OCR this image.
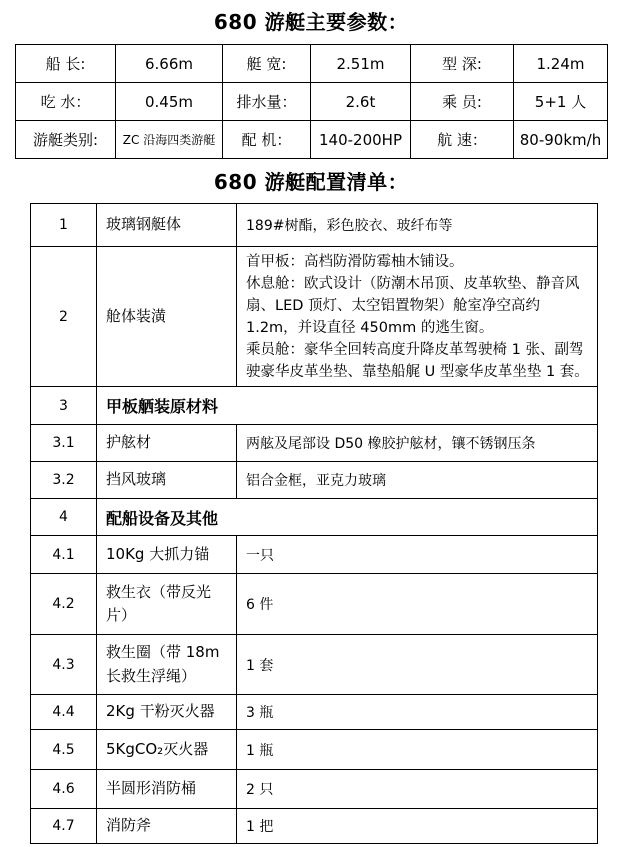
680 游艇主要参数：
船 长:	6.66m	艇 宽:	2.51m	型 深:	1.24m
吃 水：	0.45m	排水量：	2.6t	乘 员:	5+1 人
游艇类别:	ZC 沿海四类游艇	配 机：	140-200HP	航 速：	80-90km/h
680 游艇配置清单：
1	玻璃钢艇体	189#树酯，彩色胶衣、玻纤布等
2	舱体装潢	首甲板：高档防滑防霉柚木铺设。
休息舱：欧式设计（防潮木吊顶、皮革软垫、静音风扇、LED 顶灯、太空铝置物架）舱室净空高约 1.2m，并设直径 450mm 的逃生窗。
乘员舱：豪华全回转高度升降皮革驾驶椅 1 张、副驾驶豪华皮革坐垫、靠垫船艉 U 型豪华皮革坐垫 1 套。

3	甲板舾装原材料	
3.1	护舷材	两舷及尾部设 D50 橡胶护舷材，镶不锈钢压条
3.2	挡风玻璃	铝合金框，亚克力玻璃
4	配船设备及其他	
4.1	10Kg 大抓力锚	一只
4.2	救生衣（带反光片）	6 件
4.3	救生圈（带 18m 长救生浮绳）	1 套
4.4	2Kg 干粉灭火器	3 瓶
4.5	5KgCO₂灭火器	1 瓶
4.6	半圆形消防桶	2 只
4.7	消防斧	1 把
